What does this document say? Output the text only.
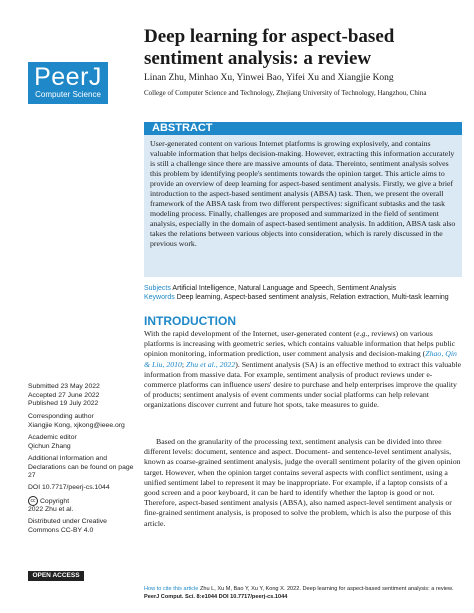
PeerJ
Computer Science
Deep learning for aspect-based sentiment analysis: a review
Linan Zhu, Minhao Xu, Yinwei Bao, Yifei Xu and Xiangjie Kong
College of Computer Science and Technology, Zhejiang University of Technology, Hangzhou, China
ABSTRACT

User-generated content on various Internet platforms is growing explosively, and contains valuable information that helps decision-making. However, extracting this information accurately is still a challenge since there are massive amounts of data. Thereinto, sentiment analysis solves this problem by identifying people's sentiments towards the opinion target. This article aims to provide an overview of deep learning for aspect-based sentiment analysis. Firstly, we give a brief introduction to the aspect-based sentiment analysis (ABSA) task. Then, we present the overall framework of the ABSA task from two different perspectives: significant subtasks and the task modeling process. Finally, challenges are proposed and summarized in the field of sentiment analysis, especially in the domain of aspect-based sentiment analysis. In addition, ABSA task also takes the relations between various objects into consideration, which is rarely discussed in the previous work.

Subjects Artificial Intelligence, Natural Language and Speech, Sentiment Analysis
Keywords Deep learning, Aspect-based sentiment analysis, Relation extraction, Multi-task learning
INTRODUCTION

With the rapid development of the Internet, user-generated content (e.g., reviews) on various platforms is increasing with geometric series, which contains valuable information that helps public opinion monitoring, information prediction, user comment analysis and decision-making (Zhao, Qin & Liu, 2010; Zhu et al., 2022). Sentiment analysis (SA) is an effective method to extract this valuable information from massive data. For example, sentiment analysis of product reviews under e-commerce platforms can influence users' desire to purchase and help enterprises improve the quality of products; sentiment analysis of event comments under social platforms can help relevant organizations discover current and future hot spots, take measures to guide.

Based on the granularity of the processing text, sentiment analysis can be divided into three different levels: document, sentence and aspect. Document- and sentence-level sentiment analysis, known as coarse-grained sentiment analysis, judge the overall sentiment polarity of the given opinion target. However, when the opinion target contains several aspects with conflict sentiment, using a unified sentiment label to represent it may be inappropriate. For example, if a laptop consists of a good screen and a poor keyboard, it can be hard to identify whether the laptop is good or not. Therefore, aspect-based sentiment analysis (ABSA), also named aspect-level sentiment analysis or fine-grained sentiment analysis, is proposed to solve the problem, which is also the purpose of this article.

Submitted 23 May 2022
Accepted 27 June 2022
Published 19 July 2022
Corresponding author
Xiangjie Kong, xjkong@ieee.org
Academic editor
Qichun Zhang
Additional Information and Declarations can be found on page 27
DOI 10.7717/peerj-cs.1044
cc Copyright
2022 Zhu et al.
Distributed under Creative Commons CC-BY 4.0
OPEN ACCESS
How to cite this article Zhu L, Xu M, Bao Y, Xu Y, Kong X. 2022. Deep learning for aspect-based sentiment analysis: a review. PeerJ Comput. Sci. 8:e1044 DOI 10.7717/peerj-cs.1044
